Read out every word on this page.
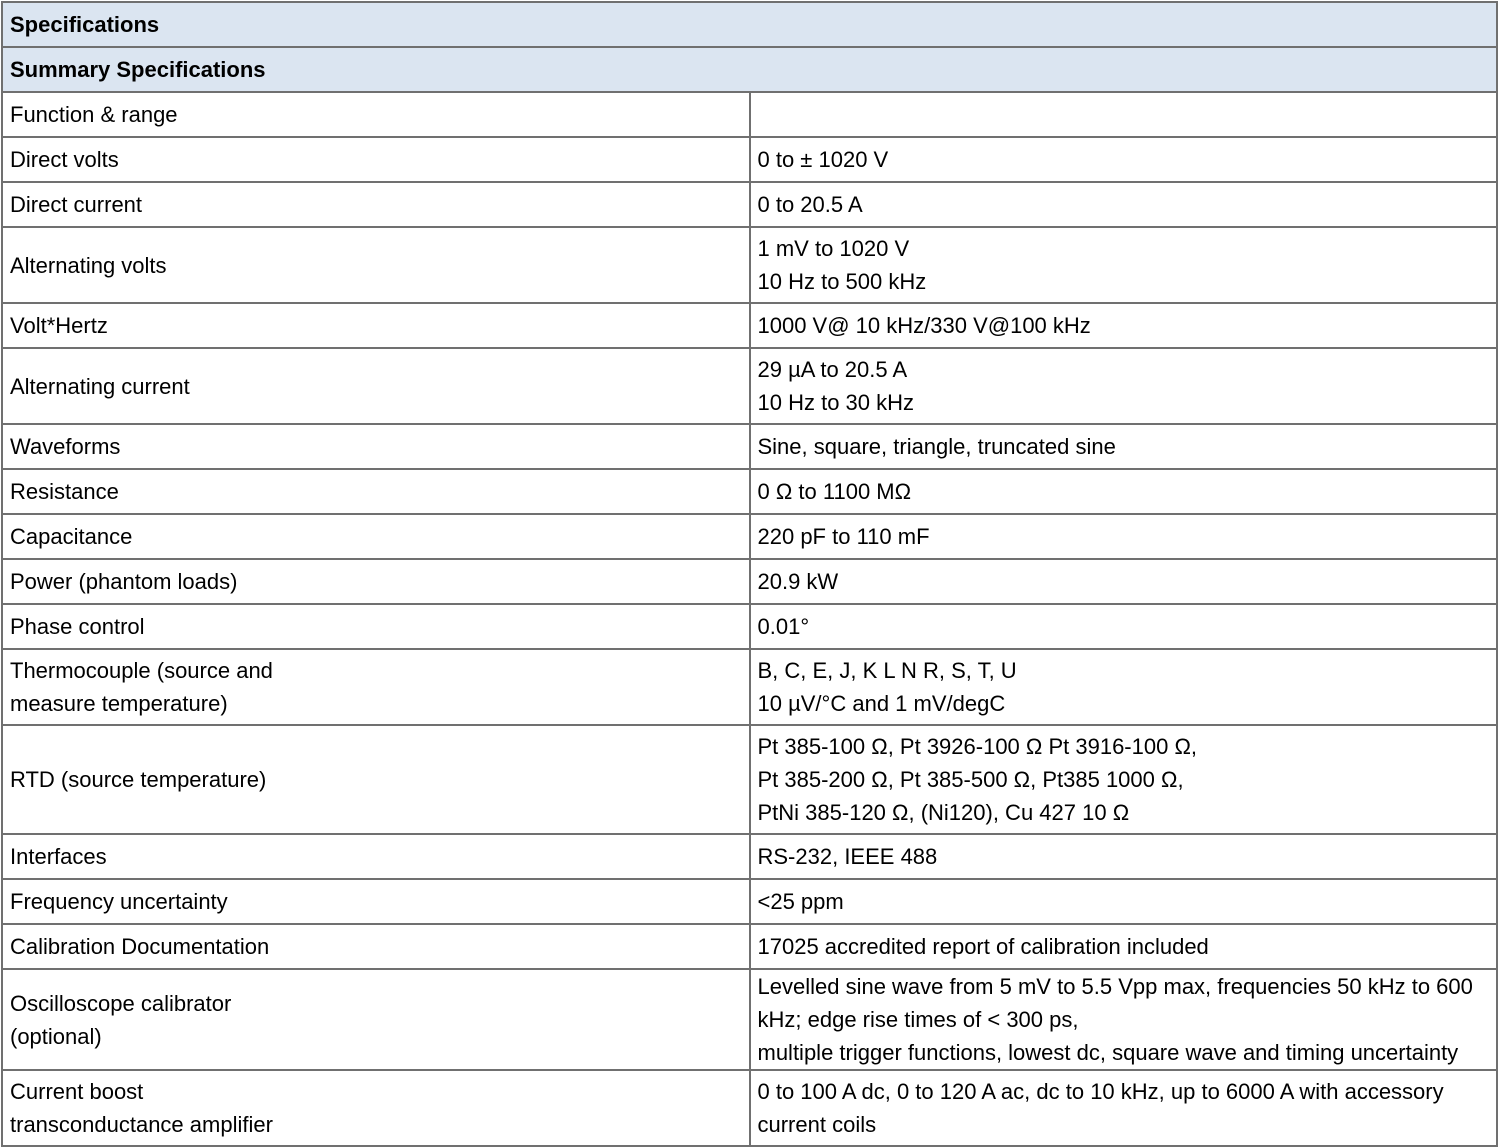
Specifications	
Summary Specifications	

Function & range	

Direct volts	0 to ± 1020 V

Direct current	0 to 20.5 A

Alternating volts	1 mV to 1020 V
10 Hz to 500 kHz

Volt*Hertz	1000 V@ 10 kHz/330 V@100 kHz

Alternating current	29 µA to 20.5 A
10 Hz to 30 kHz

Waveforms	Sine, square, triangle, truncated sine

Resistance	0 Ω to 1100 MΩ

Capacitance	220 pF to 110 mF

Power (phantom loads)	20.9 kW

Phase control	0.01°

Thermocouple (source and
measure temperature)	B, C, E, J, K L N R, S, T, U
10 µV/°C and 1 mV/degC

RTD (source temperature)	Pt 385-100 Ω, Pt 3926-100 Ω Pt 3916-100 Ω,
Pt 385-200 Ω, Pt 385-500 Ω, Pt385 1000 Ω,
PtNi 385-120 Ω, (Ni120), Cu 427 10 Ω

Interfaces	RS-232, IEEE 488

Frequency uncertainty	<25 ppm

Calibration Documentation	17025 accredited report of calibration included

Oscilloscope calibrator
(optional)	Levelled sine wave from 5 mV to 5.5 Vpp max, frequencies 50 kHz to 600 kHz; edge rise times of < 300 ps,
multiple trigger functions, lowest dc, square wave and timing uncertainty

Current boost
transconductance amplifier	0 to 100 A dc, 0 to 120 A ac, dc to 10 kHz, up to 6000 A with accessory current coils
